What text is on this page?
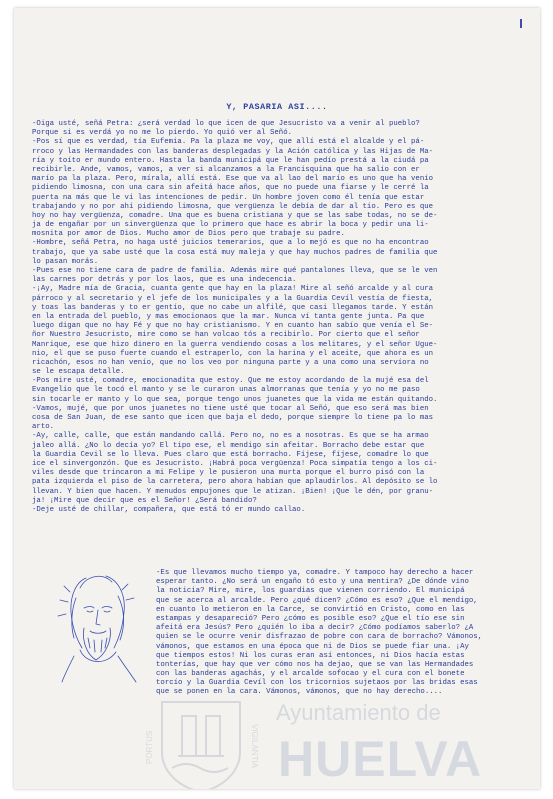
Y, PASARIA ASI....
-Oiga usté, señá Petra: ¿será verdad lo que icen de que Jesucristo va a venir al pueblo?
Porque si es verdá yo no me lo pierdo. Yo quió ver al Señó.
-Pos sí que es verdad, tía Eufemia. Pa la plaza me voy, que allí está el alcalde y el pá-
rroco y las Hermandades con las banderas desplegadas y la Ación católica y las Hijas de Ma-
ría y toíto er mundo entero. Hasta la banda municipá que le han pedío prestá a la ciudá pa
recibirle. Ande, vamos, vamos, a ver si alcanzamos a la Francisquina que ha salío con er
marío pa la plaza. Pero, mírala, allí está. Ese que va al lao del marío es uno que ha venío
pidiendo limosna, con una cara sin afeitá hace años, que no puede una fiarse y le cerré la
puerta na más que le ví las intenciones de pedir. Un hombre joven como él tenía que estar
trabajando y no por ahí pidiendo limosna, que vergüenza le debía de dar al tío. Pero es que
hoy no hay vergüenza, comadre. Una que es buena cristiana y que se las sabe todas, no se de-
ja de engañar por un sinvergüenza que lo primero que hace es abrir la boca y pedir una li-
mosnita por amor de Dios. Mucho amor de Dios pero que trabaje su padre.
-Hombre, señá Petra, no haga usté juicios temerarios, que a lo mejó es que no ha encontrao
trabajo, que ya sabe usté que la cosa está muy maleja y que hay muchos padres de familia que
lo pasan morás.
-Pues ese no tiene cara de padre de familia. Además mire qué pantalones lleva, que se le ven
las carnes por detrás y por los laos, que es una indecencia.
-¡Ay, Madre mía de Gracia, cuanta gente que hay en la plaza! Mire al señó arcalde y al cura
párroco y al secretario y el jefe de los municipales y a la Guardia Cevíl vestía de fiesta,
y toas las banderas y to er gentío, que no cabe un alfilé, que casi llegamos tarde. Y están
en la entrada del pueblo, y mas emocionaos que la mar. Nunca ví tanta gente junta. Pa que
luego digan que no hay Fé y que no hay cristianismo. Y en cuanto han sabío que venía el Se-
ñor Nuestro Jesucristo, mire como se han volcao tós a recibirlo. Por cierto que el señor
Manrique, ese que hizo dinero en la guerra vendiendo cosas a los melitares, y el señor Ugue-
nio, el que se puso fuerte cuando el estraperlo, con la harina y el aceite, que ahora es un
ricachón, esos no han venío, que no los veo por ninguna parte y a una como una servíora no
se le escapa detalle.
-Pos mire usté, comadre, emocionadita que estoy. Que me estoy acordando de la mujé esa del
Evangelio que le tocó el manto y se le curaron unas almorranas que tenía y yo no me paso
sin tocarle er manto y lo que sea, porque tengo unos juanetes que la vida me están quitando.
-Vamos, mujé, que por unos juanetes no tiene usté que tocar al Señó, que eso será mas bien
cosa de San Juan, de ese santo que icen que baja el dedo, porque siempre lo tiene pa lo mas
arto.
-Ay, calle, calle, que están mandando callá. Pero no, no es a nosotras. Es que se ha armao
jaleo allá. ¿No lo decía yo? El tipo ese, el mendigo sin afeitar. Borracho debe estar que
la Guardia Cevil se lo lleva. Pues claro que está borracho. Fíjese, fíjese, comadre lo que
ice el sinvergonzón. Que es Jesucristo. ¡Habrá poca vergüenza! Poca simpatía tengo a los ci-
viles desde que trincaron a mi Felipe y le pusieron una murta porque el burro pisó con la
pata izquierda el piso de la carretera, pero ahora habían que aplaudirlos. Al depósito se lo
llevan. Y bien que hacen. Y menudos empujones que le atizan. ¡Bien! ¡Que le dén, por granu-
ja! ¡Mire que decir que es el Señor! ¿Será bandido?
-Deje usté de chillar, compañera, que está tó er mundo callao.
-Es que llevamos mucho tiempo ya, comadre. Y tampoco hay derecho a hacer
esperar tanto. ¿No será un engaño tó esto y una mentira? ¿De dónde vino
la noticia? Mire, mire, los guardias que vienen corriendo. El municipá
que se acerca al arcalde. Pero ¿qué dicen? ¿Cómo es eso? ¿Que el mendigo,
en cuanto lo metieron en la Carce, se convirtió en Cristo, como en las
estampas y desapareció? Pero ¿cómo es posible eso? ¿Que el tío ese sin
afeitá era Jesús? Pero ¿quién lo iba a decir? ¿Cómo podíamos saberlo? ¿A
quien se le ocurre venir disfrazao de pobre con cara de borracho? Vámonos,
vámonos, que estamos en una época que ni de Dios se puede fiar una. ¡Ay
que tiempos estos! Ni los curas eran así entonces, ni Dios hacía estas
tonterías, que hay que ver cómo nos ha dejao, que se van las Hermandades
con las banderas agachás, y el arcalde sofocao y el cura con el bonete
torcío y la Guardia Cevíl con los tricornios sujetaos por las bridas esas
que se ponen en la cara. Vámonos, vámonos, que no hay derecho....
PORTUS	VIGILANTIA
Ayuntamiento de
HUELVA
